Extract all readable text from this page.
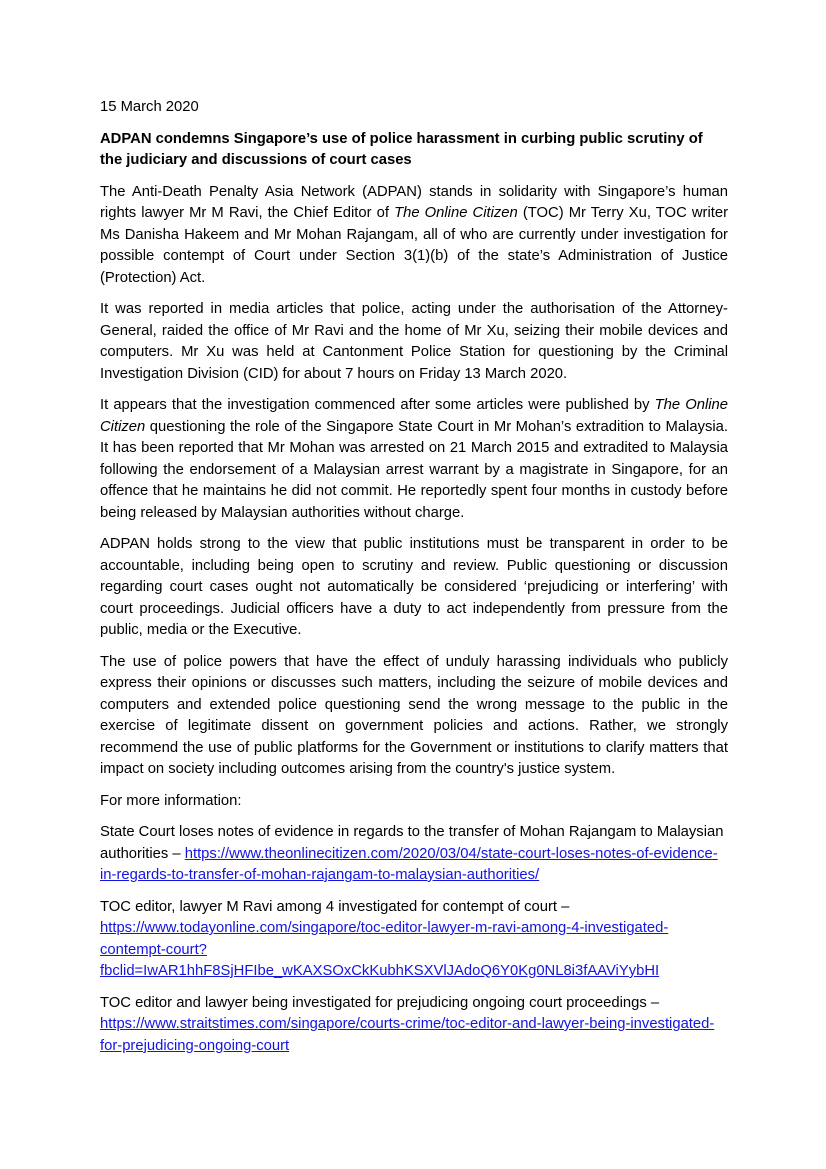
15 March 2020

ADPAN condemns Singapore’s use of police harassment in curbing public scrutiny of the judiciary and discussions of court cases

The Anti-Death Penalty Asia Network (ADPAN) stands in solidarity with Singapore’s human rights lawyer Mr M Ravi, the Chief Editor of The Online Citizen (TOC) Mr Terry Xu, TOC writer Ms Danisha Hakeem and Mr Mohan Rajangam, all of who are currently under investigation for possible contempt of Court under Section 3(1)(b) of the state’s Administration of Justice (Protection) Act.

It was reported in media articles that police, acting under the authorisation of the Attorney-General, raided the office of Mr Ravi and the home of Mr Xu, seizing their mobile devices and computers. Mr Xu was held at Cantonment Police Station for questioning by the Criminal Investigation Division (CID) for about 7 hours on Friday 13 March 2020.

It appears that the investigation commenced after some articles were published by The Online Citizen questioning the role of the Singapore State Court in Mr Mohan’s extradition to Malaysia. It has been reported that Mr Mohan was arrested on 21 March 2015 and extradited to Malaysia following the endorsement of a Malaysian arrest warrant by a magistrate in Singapore, for an offence that he maintains he did not commit. He reportedly spent four months in custody before being released by Malaysian authorities without charge.

ADPAN holds strong to the view that public institutions must be transparent in order to be accountable, including being open to scrutiny and review. Public questioning or discussion regarding court cases ought not automatically be considered ‘prejudicing or interfering’ with court proceedings. Judicial officers have a duty to act independently from pressure from the public, media or the Executive.

The use of police powers that have the effect of unduly harassing individuals who publicly express their opinions or discusses such matters, including the seizure of mobile devices and computers and extended police questioning send the wrong message to the public in the exercise of legitimate dissent on government policies and actions. Rather, we strongly recommend the use of public platforms for the Government or institutions to clarify matters that impact on society including outcomes arising from the country's justice system.

For more information:

State Court loses notes of evidence in regards to the transfer of Mohan Rajangam to Malaysian authorities – https://www.theonlinecitizen.com/2020/03/04/state-court-loses-notes-of-evidence-in-regards-to-transfer-of-mohan-rajangam-to-malaysian-authorities/

TOC editor, lawyer M Ravi among 4 investigated for contempt of court – https://www.todayonline.com/singapore/toc-editor-lawyer-m-ravi-among-4-investigated-contempt-court?fbclid=IwAR1hhF8SjHFIbe_wKAXSOxCkKubhKSXVlJAdoQ6Y0Kg0NL8i3fAAViYybHI

TOC editor and lawyer being investigated for prejudicing ongoing court proceedings – https://www.straitstimes.com/singapore/courts-crime/toc-editor-and-lawyer-being-investigated-for-prejudicing-ongoing-court
